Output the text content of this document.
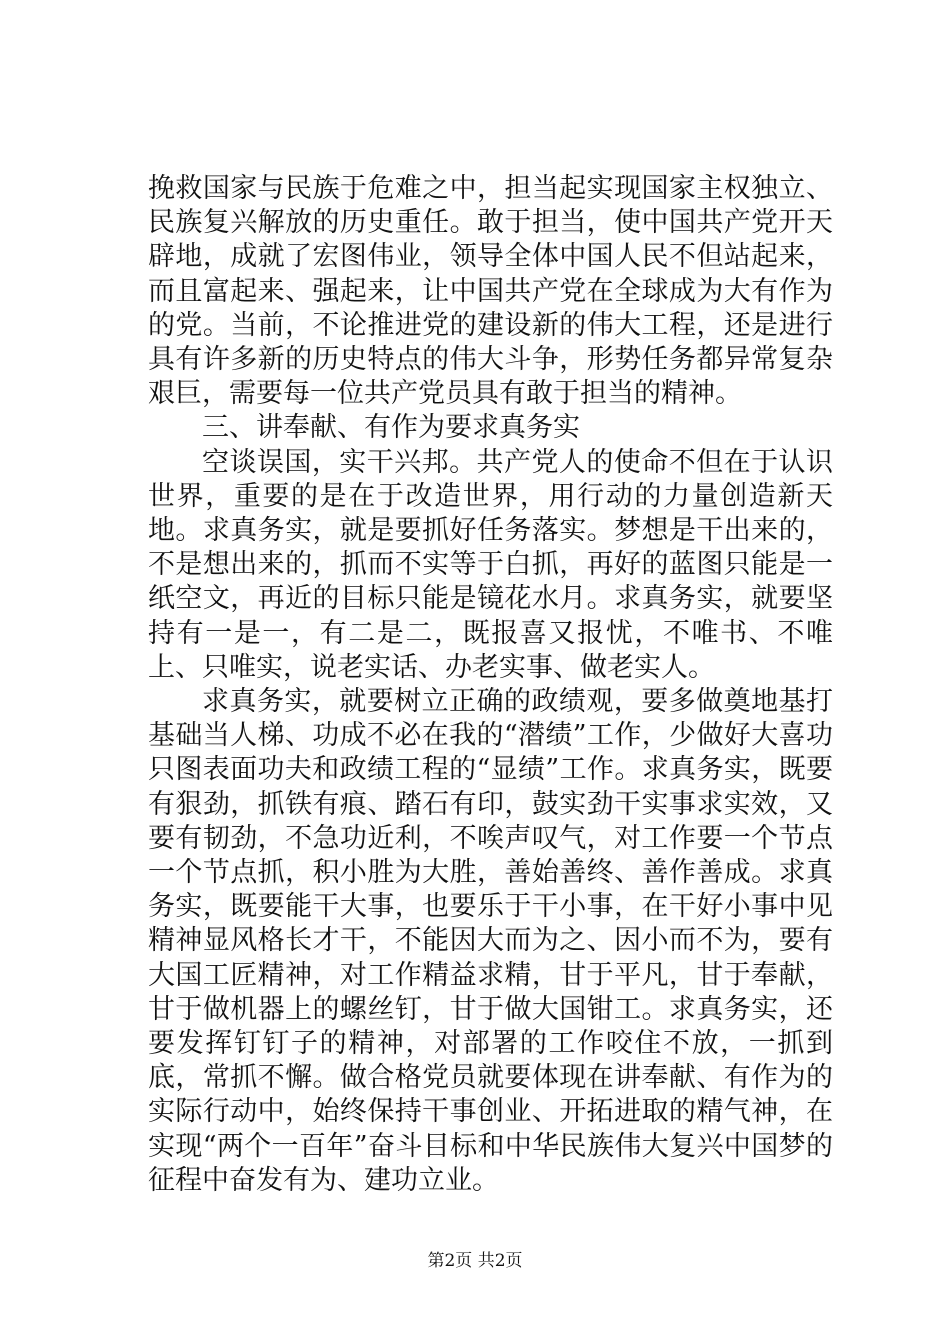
挽救国家与民族于危难之中，担当起实现国家主权独立、民族复兴解放的历史重任。敢于担当，使中国共产党开天辟地，成就了宏图伟业，领导全体中国人民不但站起来，而且富起来、强起来，让中国共产党在全球成为大有作为的党。当前，不论推进党的建设新的伟大工程，还是进行具有许多新的历史特点的伟大斗争，形势任务都异常复杂艰巨，需要每一位共产党员具有敢于担当的精神。

三、讲奉献、有作为要求真务实

空谈误国，实干兴邦。共产党人的使命不但在于认识世界，重要的是在于改造世界，用行动的力量创造新天地。求真务实，就是要抓好任务落实。梦想是干出来的，不是想出来的，抓而不实等于白抓，再好的蓝图只能是一纸空文，再近的目标只能是镜花水月。求真务实，就要坚持有一是一，有二是二，既报喜又报忧，不唯书、不唯上、只唯实，说老实话、办老实事、做老实人。

求真务实，就要树立正确的政绩观，要多做奠地基打基础当人梯、功成不必在我的“潜绩”工作，少做好大喜功只图表面功夫和政绩工程的“显绩”工作。求真务实，既要有狠劲，抓铁有痕、踏石有印，鼓实劲干实事求实效，又要有韧劲，不急功近利，不唉声叹气，对工作要一个节点一个节点抓，积小胜为大胜，善始善终、善作善成。求真务实，既要能干大事，也要乐于干小事，在干好小事中见精神显风格长才干，不能因大而为之、因小而不为，要有大国工匠精神，对工作精益求精，甘于平凡，甘于奉献，甘于做机器上的螺丝钉，甘于做大国钳工。求真务实，还要发挥钉钉子的精神，对部署的工作咬住不放，一抓到底，常抓不懈。做合格党员就要体现在讲奉献、有作为的实际行动中，始终保持干事创业、开拓进取的精气神，在实现“两个一百年”奋斗目标和中华民族伟大复兴中国梦的征程中奋发有为、建功立业。

第2页 共2页
